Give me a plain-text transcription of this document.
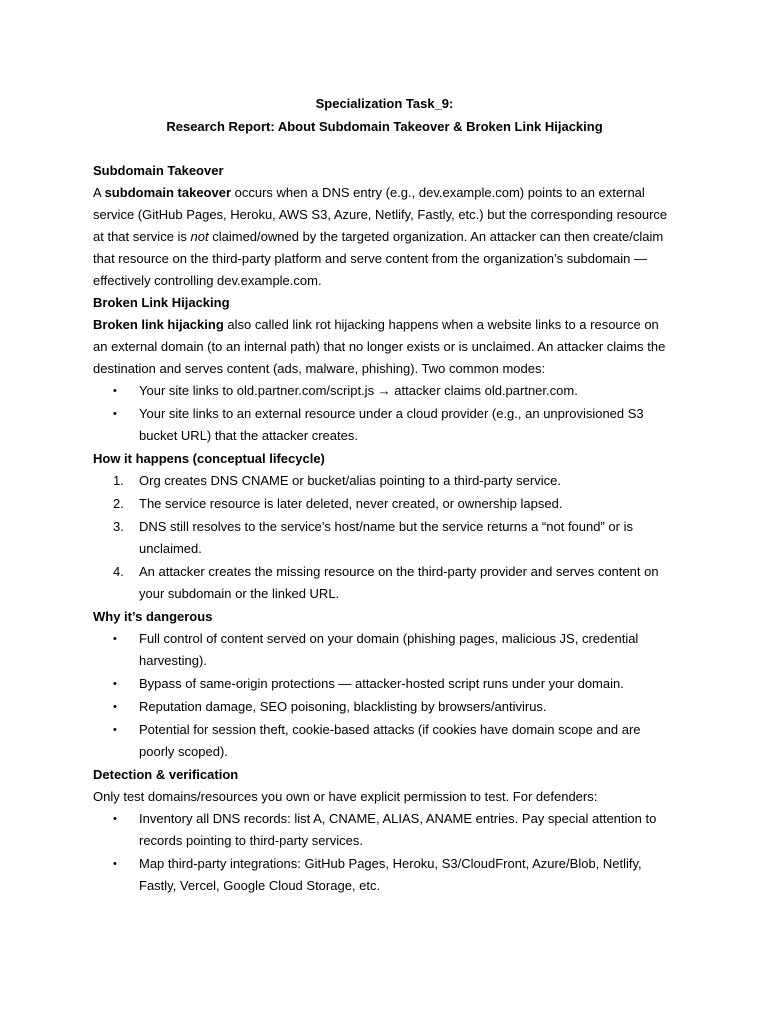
Specialization Task_9:
Research Report: About Subdomain Takeover & Broken Link Hijacking
Subdomain Takeover

A subdomain takeover occurs when a DNS entry (e.g., dev.example.com) points to an external service (GitHub Pages, Heroku, AWS S3, Azure, Netlify, Fastly, etc.) but the corresponding resource at that service is not claimed/owned by the targeted organization. An attacker can then create/claim that resource on the third-party platform and serve content from the organization’s subdomain — effectively controlling dev.example.com.

Broken Link Hijacking

Broken link hijacking also called link rot hijacking happens when a website links to a resource on an external domain (to an internal path) that no longer exists or is unclaimed. An attacker claims the destination and serves content (ads, malware, phishing). Two common modes:

•	Your site links to old.partner.com/script.js → attacker claims old.partner.com.
•	Your site links to an external resource under a cloud provider (e.g., an unprovisioned S3 bucket URL) that the attacker creates.
How it happens (conceptual lifecycle)
1.	Org creates DNS CNAME or bucket/alias pointing to a third-party service.
2.	The service resource is later deleted, never created, or ownership lapsed.
3.	DNS still resolves to the service’s host/name but the service returns a “not found” or is unclaimed.
4.	An attacker creates the missing resource on the third-party provider and serves content on your subdomain or the linked URL.
Why it’s dangerous
•	Full control of content served on your domain (phishing pages, malicious JS, credential harvesting).
•	Bypass of same-origin protections — attacker-hosted script runs under your domain.
•	Reputation damage, SEO poisoning, blacklisting by browsers/antivirus.
•	Potential for session theft, cookie-based attacks (if cookies have domain scope and are poorly scoped).
Detection & verification

Only test domains/resources you own or have explicit permission to test. For defenders:

•	Inventory all DNS records: list A, CNAME, ALIAS, ANAME entries. Pay special attention to records pointing to third-party services.
•	Map third-party integrations: GitHub Pages, Heroku, S3/CloudFront, Azure/Blob, Netlify, Fastly, Vercel, Google Cloud Storage, etc.
